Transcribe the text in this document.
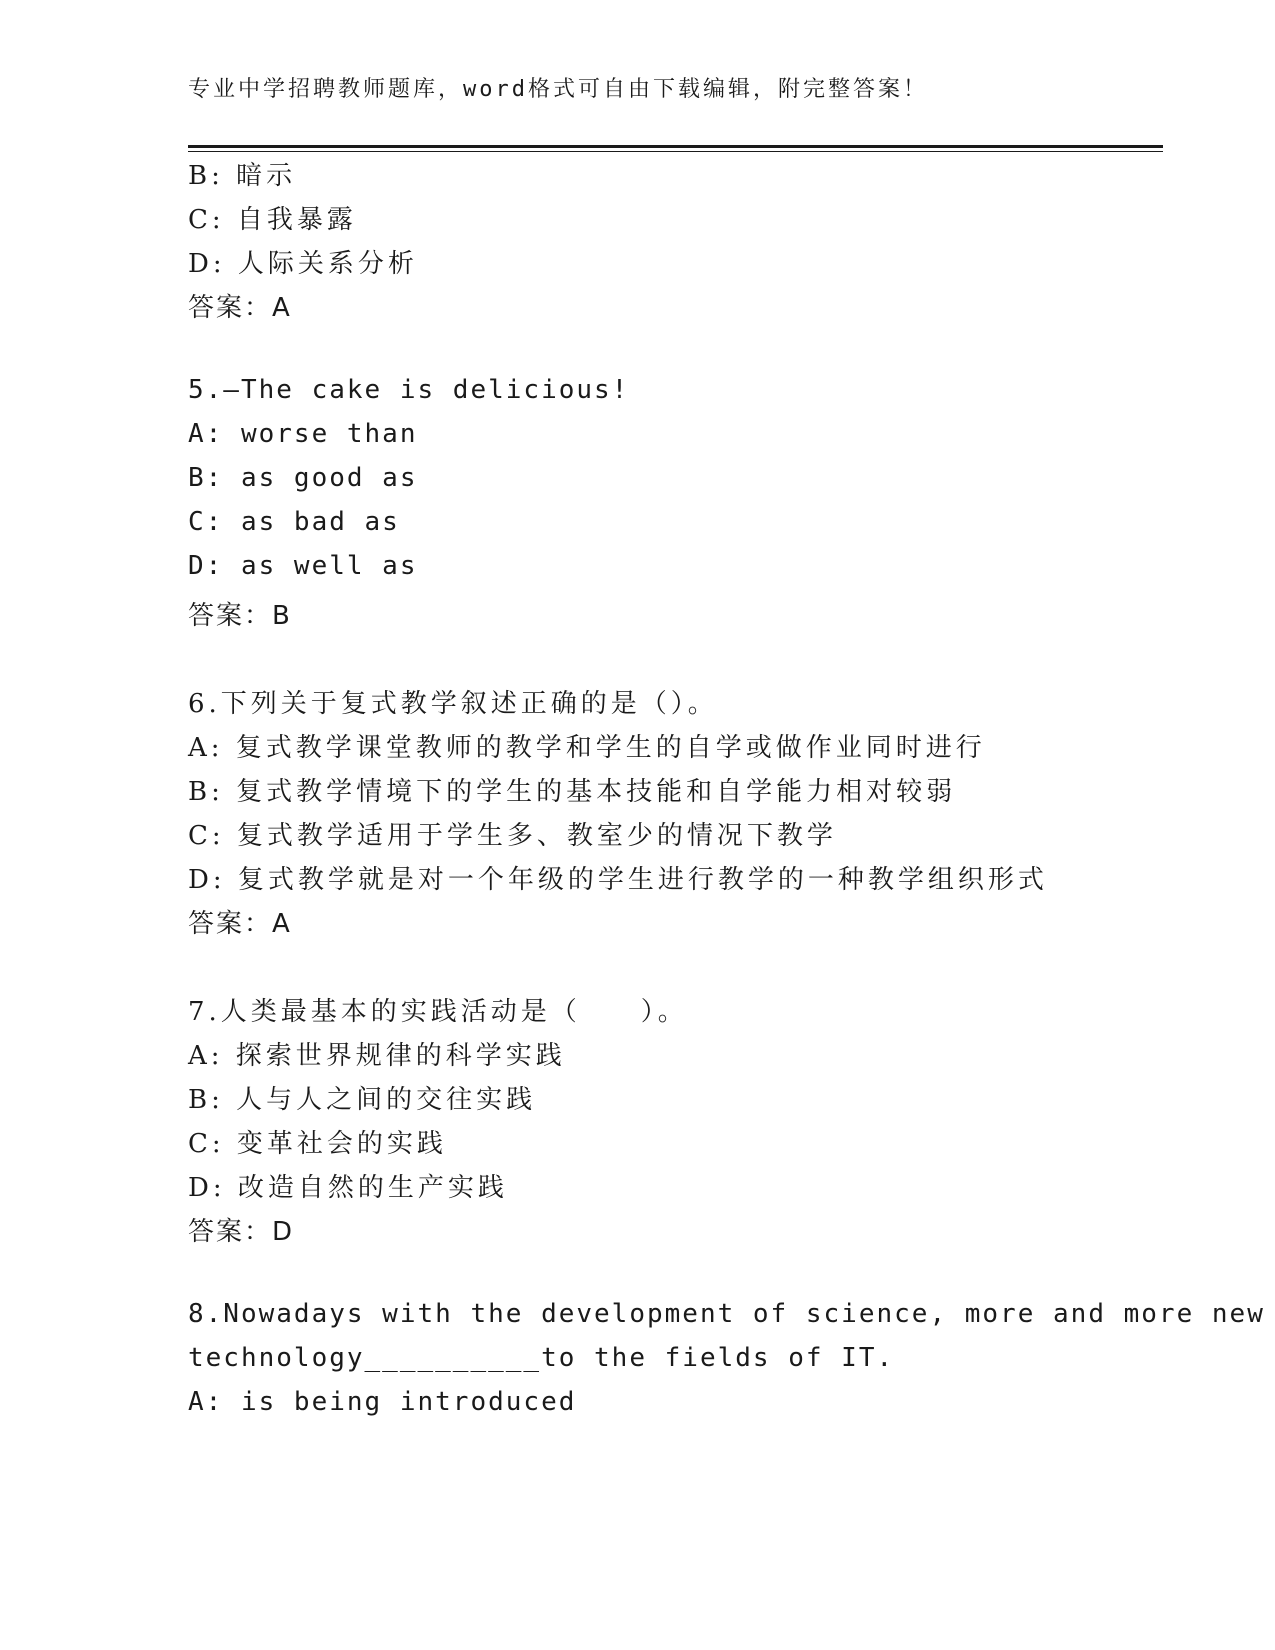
专业中学招聘教师题库，word格式可自由下载编辑，附完整答案！
B: 暗示
C: 自我暴露
D: 人际关系分析
答案：A
5.—The cake is delicious!
A: worse than
B: as good as
C: as bad as
D: as well as
答案：B
6.下列关于复式教学叙述正确的是（）。
A: 复式教学课堂教师的教学和学生的自学或做作业同时进行
B: 复式教学情境下的学生的基本技能和自学能力相对较弱
C: 复式教学适用于学生多、教室少的情况下教学
D: 复式教学就是对一个年级的学生进行教学的一种教学组织形式
答案：A
7.人类最基本的实践活动是（　　）。
A: 探索世界规律的科学实践
B: 人与人之间的交往实践
C: 变革社会的实践
D: 改造自然的生产实践
答案：D
8.Nowadays with the development of science, more and more new
technology__________to the fields of IT.
A: is being introduced
